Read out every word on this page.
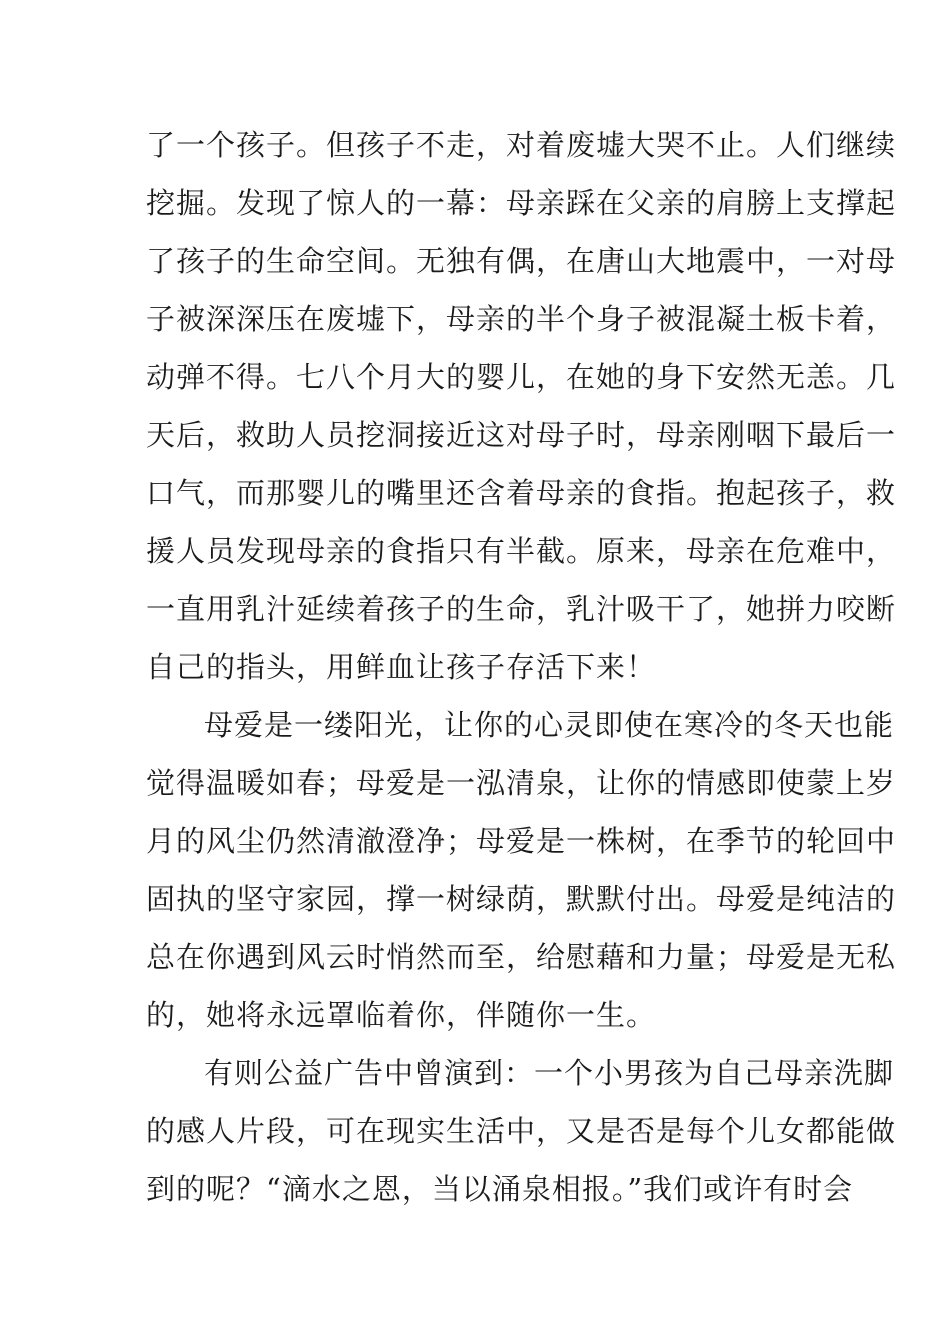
了一个孩子。但孩子不走，对着废墟大哭不止。人们继续
挖掘。发现了惊人的一幕：母亲踩在父亲的肩膀上支撑起
了孩子的生命空间。无独有偶，在唐山大地震中，一对母
子被深深压在废墟下，母亲的半个身子被混凝土板卡着，
动弹不得。七八个月大的婴儿，在她的身下安然无恙。几
天后，救助人员挖洞接近这对母子时，母亲刚咽下最后一
口气，而那婴儿的嘴里还含着母亲的食指。抱起孩子，救
援人员发现母亲的食指只有半截。原来，母亲在危难中，
一直用乳汁延续着孩子的生命，乳汁吸干了，她拼力咬断
自己的指头，用鲜血让孩子存活下来！
母爱是一缕阳光，让你的心灵即使在寒冷的冬天也能
觉得温暖如春；母爱是一泓清泉，让你的情感即使蒙上岁
月的风尘仍然清澈澄净；母爱是一株树，在季节的轮回中
固执的坚守家园，撑一树绿荫，默默付出。母爱是纯洁的
总在你遇到风云时悄然而至，给慰藉和力量；母爱是无私
的，她将永远罩临着你，伴随你一生。
有则公益广告中曾演到：一个小男孩为自己母亲洗脚
的感人片段，可在现实生活中，又是否是每个儿女都能做
到的呢？“滴水之恩，当以涌泉相报。”我们或许有时会
